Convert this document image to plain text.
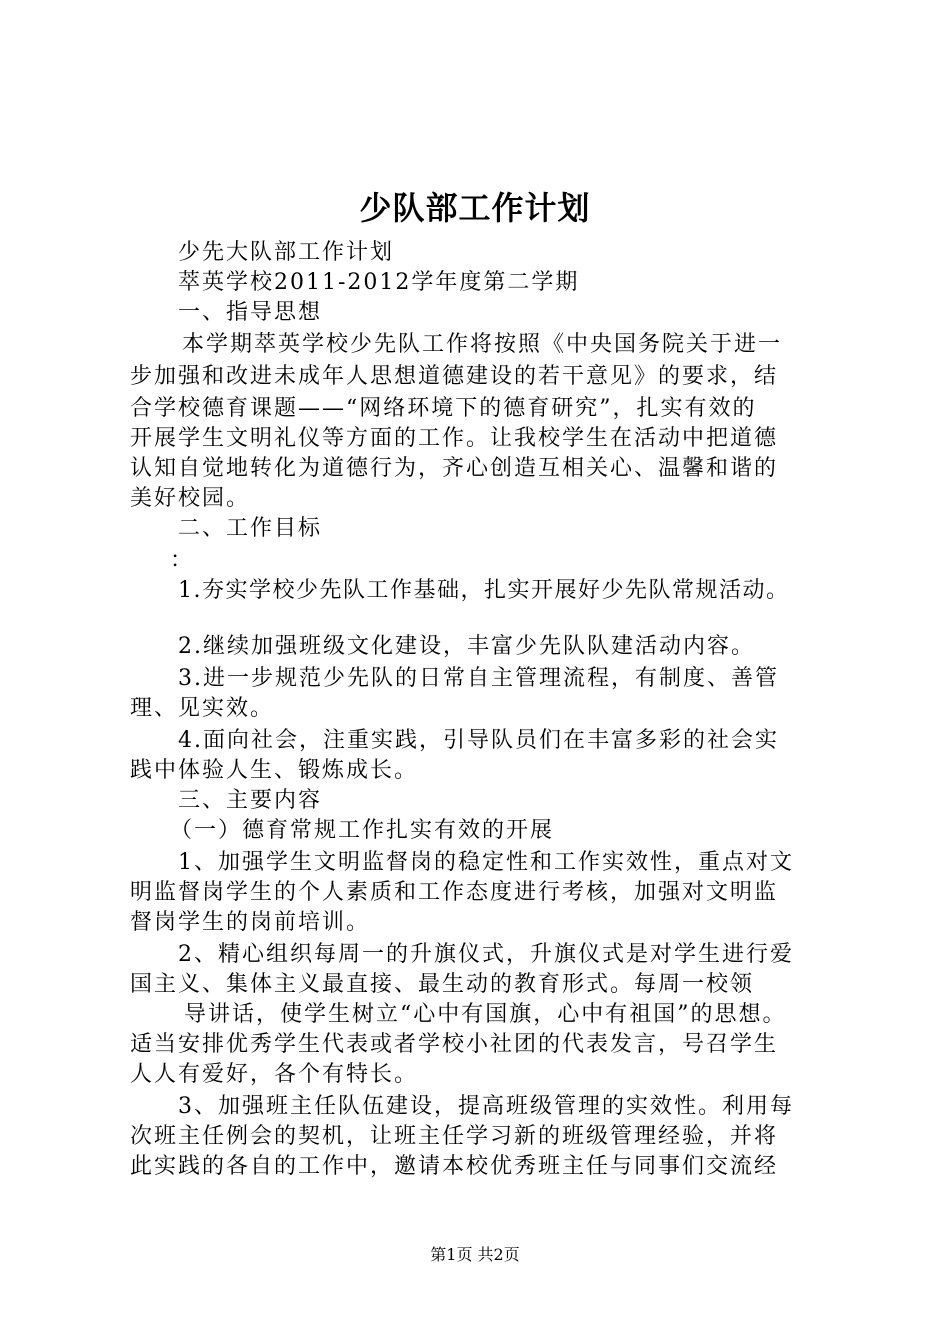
少队部工作计划
少先大队部工作计划
萃英学校2011-2012学年度第二学期
一、指导思想
本学期萃英学校少先队工作将按照《中央国务院关于进一
步加强和改进未成年人思想道德建设的若干意见》的要求，结
合学校德育课题——“网络环境下的德育研究”，扎实有效的
开展学生文明礼仪等方面的工作。让我校学生在活动中把道德
认知自觉地转化为道德行为，齐心创造互相关心、温馨和谐的
美好校园。
二、工作目标
：
1.夯实学校少先队工作基础，扎实开展好少先队常规活动。
2.继续加强班级文化建设，丰富少先队队建活动内容。
3.进一步规范少先队的日常自主管理流程，有制度、善管
理、见实效。
4.面向社会，注重实践，引导队员们在丰富多彩的社会实
践中体验人生、锻炼成长。
三、主要内容
（一）德育常规工作扎实有效的开展
1、加强学生文明监督岗的稳定性和工作实效性，重点对文
明监督岗学生的个人素质和工作态度进行考核，加强对文明监
督岗学生的岗前培训。
2、精心组织每周一的升旗仪式，升旗仪式是对学生进行爱
国主义、集体主义最直接、最生动的教育形式。每周一校领
导讲话，使学生树立“心中有国旗，心中有祖国”的思想。
适当安排优秀学生代表或者学校小社团的代表发言，号召学生
人人有爱好，各个有特长。
3、加强班主任队伍建设，提高班级管理的实效性。利用每
次班主任例会的契机，让班主任学习新的班级管理经验，并将
此实践的各自的工作中，邀请本校优秀班主任与同事们交流经
第1页 共2页
